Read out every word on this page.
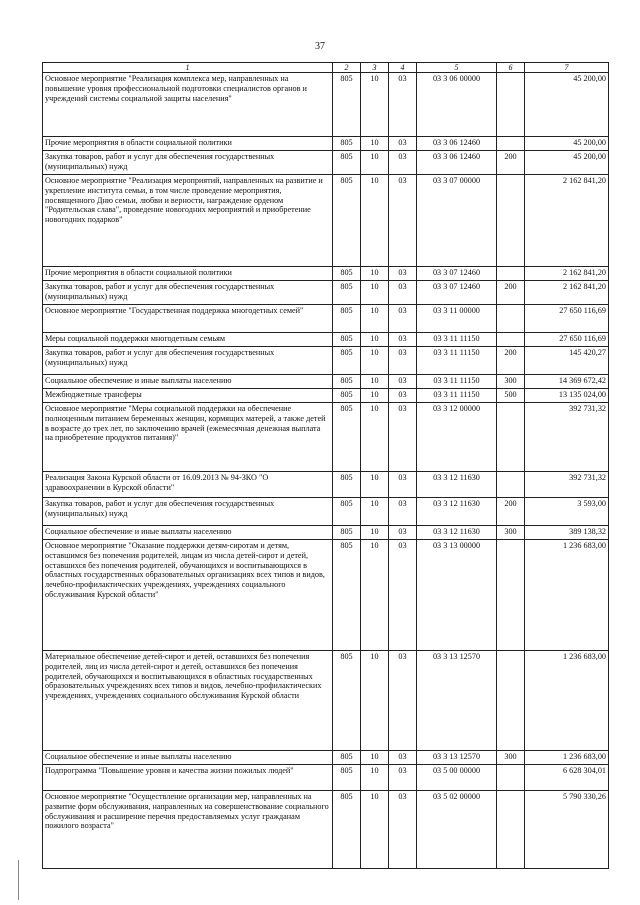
37
1	2	3	4	5	6	7
Основное мероприятие "Реализация комплекса мер, направленных на повышение уровня профессиональной подготовки специалистов органов и учреждений системы социальной защиты населения"	805	10	03	03 3 06 00000		45 200,00
Прочие мероприятия в области социальной политики	805	10	03	03 3 06 12460		45 200,00
Закупка товаров, работ и услуг для обеспечения государственных (муниципальных) нужд	805	10	03	03 3 06 12460	200	45 200,00
Основное мероприятие "Реализация мероприятий, направленных на развитие и укрепление института семьи, в том числе проведение мероприятия, посвященного Дню семьи, любви и верности, награждение орденом "Родительская слава", проведение новогодних мероприятий и приобретение новогодних подарков"	805	10	03	03 3 07 00000		2 162 841,20
Прочие мероприятия в области социальной политики	805	10	03	03 3 07 12460		2 162 841,20
Закупка товаров, работ и услуг для обеспечения государственных (муниципальных) нужд	805	10	03	03 3 07 12460	200	2 162 841,20
Основное мероприятие "Государственная поддержка многодетных семей"	805	10	03	03 3 11 00000		27 650 116,69
Меры социальной поддержки многодетным семьям	805	10	03	03 3 11 11150		27 650 116,69
Закупка товаров, работ и услуг для обеспечения государственных (муниципальных) нужд	805	10	03	03 3 11 11150	200	145 420,27
Социальное обеспечение и иные выплаты населению	805	10	03	03 3 11 11150	300	14 369 672,42
Межбюджетные трансферы	805	10	03	03 3 11 11150	500	13 135 024,00
Основное мероприятие "Меры социальной поддержки на обеспечение полноценным питанием беременных женщин, кормящих матерей, а также детей в возрасте до трех лет, по заключению врачей (ежемесячная денежная выплата на приобретение продуктов питания)"	805	10	03	03 3 12 00000		392 731,32
Реализация Закона Курской области от 16.09.2013 № 94-ЗКО "О здравоохранении в Курской области"	805	10	03	03 3 12 11630		392 731,32
Закупка товаров, работ и услуг для обеспечения государственных (муниципальных) нужд	805	10	03	03 3 12 11630	200	3 593,00
Социальное обеспечение и иные выплаты населению	805	10	03	03 3 12 11630	300	389 138,32
Основное мероприятие "Оказание поддержки детям-сиротам и детям, оставшимся без попечения родителей, лицам из числа детей-сирот и детей, оставшихся без попечения родителей, обучающихся и воспитывающихся в областных государственных образовательных организациях всех типов и видов, лечебно-профилактических учреждениях, учреждениях социального обслуживания Курской области"	805	10	03	03 3 13 00000		1 236 683,00
Материальное обеспечение детей-сирот и детей, оставшихся без попечения родителей, лиц из числа детей-сирот и детей, оставшихся без попечения родителей, обучающихся и воспитывающихся в областных государственных образовательных учреждениях всех типов и видов, лечебно-профилактических учреждениях, учреждениях социального обслуживания Курской области	805	10	03	03 3 13 12570		1 236 683,00
Социальное обеспечение и иные выплаты населению	805	10	03	03 3 13 12570	300	1 236 683,00
Подпрограмма "Повышение уровня и качества жизни пожилых людей"	805	10	03	03 5 00 00000		6 628 304,01
Основное мероприятие "Осуществление организации мер, направленных на развитие форм обслуживания, направленных на совершенствование социального обслуживания и расширение перечня предоставляемых услуг гражданам пожилого возраста"	805	10	03	03 5 02 00000		5 790 330,26
